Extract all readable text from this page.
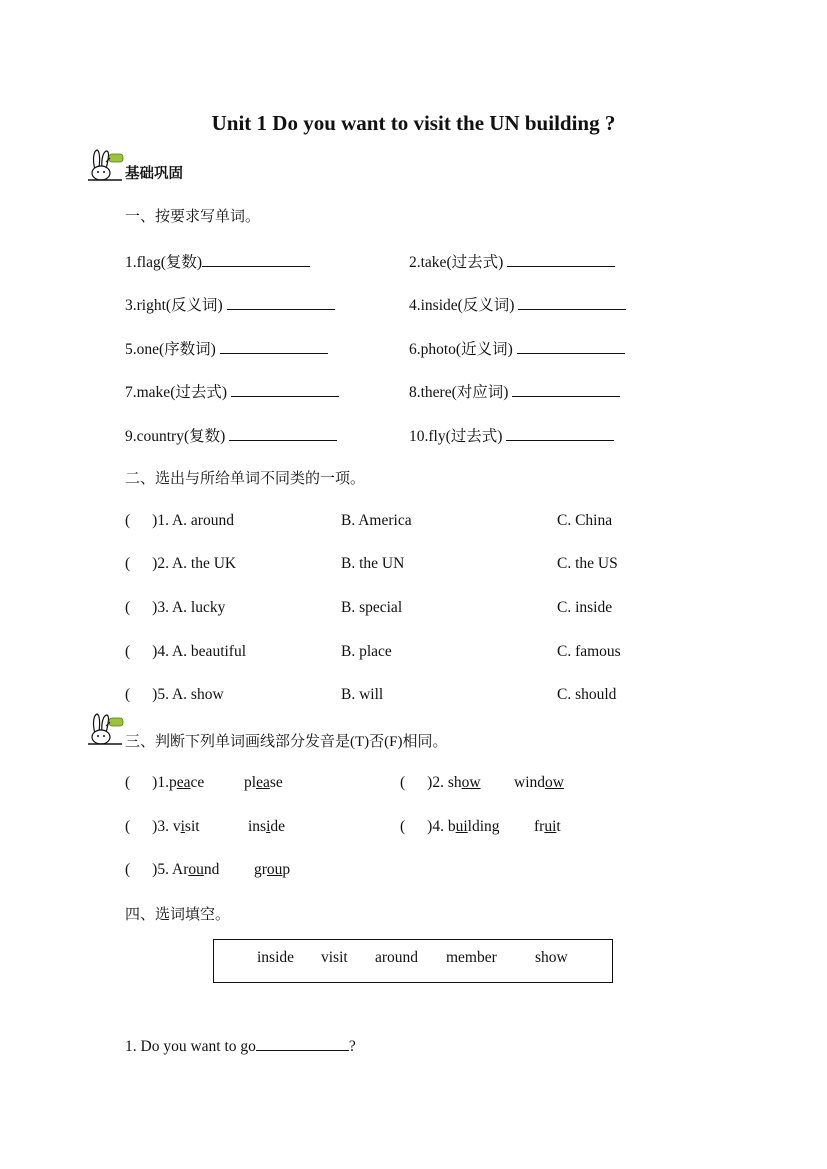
Unit 1 Do you want to visit the UN building ?
基础巩固
一、按要求写单词。
1.flag(复数)	2.take(过去式)
3.right(反义词)	4.inside(反义词)
5.one(序数词)	6.photo(近义词)
7.make(过去式)	8.there(对应词)
9.country(复数)	10.fly(过去式)
二、选出与所给单词不同类的一项。
( )1. A. around	B. America	C. China
( )2. A. the UK	B. the UN	C. the US
( )3. A. lucky	B. special	C. inside
( )4. A. beautiful	B. place	C. famous
( )5. A. show	B. will	C. should
三、判断下列单词画线部分发音是(T)否(F)相同。
( )1.peace	please	( )2. show window
( )3. visit	inside	( )4. building fruit
( )5. Around group
四、选词填空。
inside visit around member show
1. Do you want to go	?
